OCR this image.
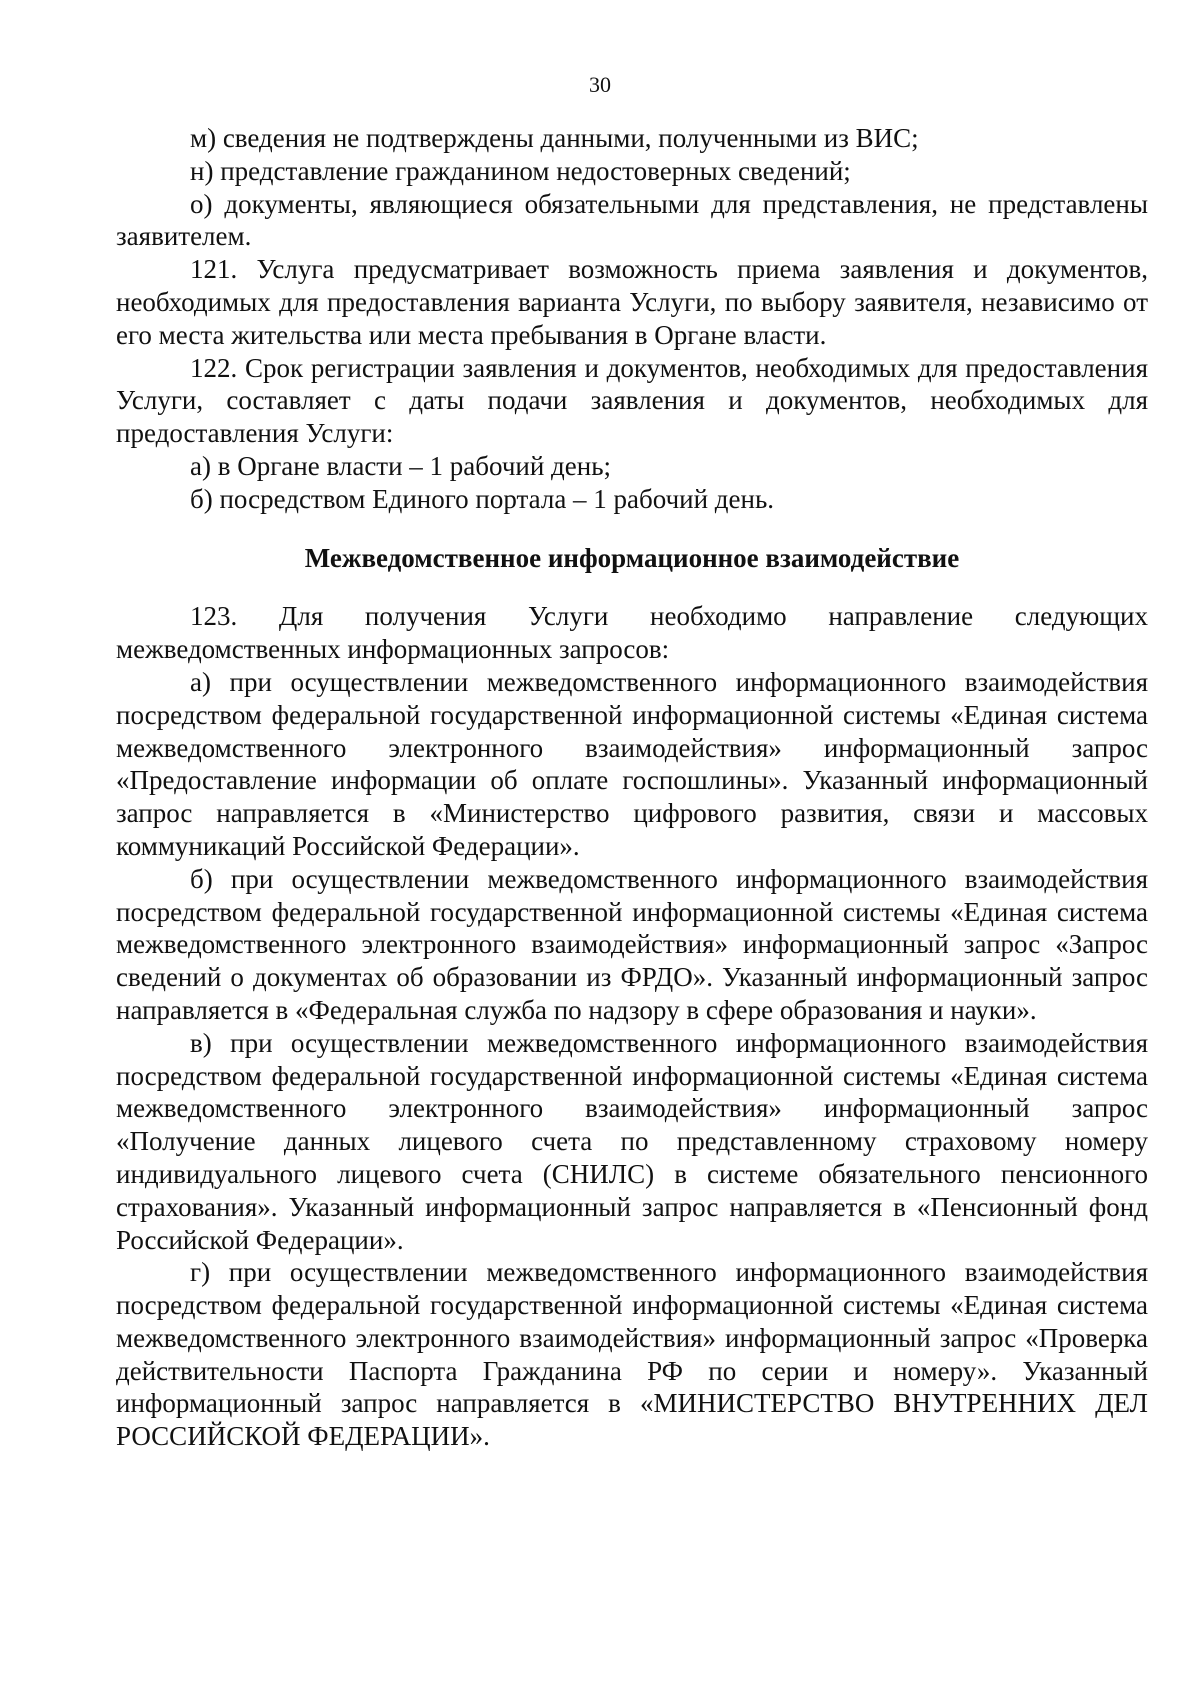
30

м) сведения не подтверждены данными, полученными из ВИС;

н) представление гражданином недостоверных сведений;

о) документы, являющиеся обязательными для представления, не представлены заявителем.

121. Услуга предусматривает возможность приема заявления и документов, необходимых для предоставления варианта Услуги, по выбору заявителя, независимо от его места жительства или места пребывания в Органе власти.

122. Срок регистрации заявления и документов, необходимых для предоставления Услуги, составляет с даты подачи заявления и документов, необходимых для предоставления Услуги:

а) в Органе власти – 1 рабочий день;

б) посредством Единого портала – 1 рабочий день.

Межведомственное информационное взаимодействие

123. Для получения Услуги необходимо направление следующих межведомственных информационных запросов:

а) при осуществлении межведомственного информационного взаимодействия посредством федеральной государственной информационной системы «Единая система межведомственного электронного взаимодействия» информационный запрос «Предоставление информации об оплате госпошлины». Указанный информационный запрос направляется в «Министерство цифрового развития, связи и массовых коммуникаций Российской Федерации».

б) при осуществлении межведомственного информационного взаимодействия посредством федеральной государственной информационной системы «Единая система межведомственного электронного взаимодействия» информационный запрос «Запрос сведений о документах об образовании из ФРДО». Указанный информационный запрос направляется в «Федеральная служба по надзору в сфере образования и науки».

в) при осуществлении межведомственного информационного взаимодействия посредством федеральной государственной информационной системы «Единая система межведомственного электронного взаимодействия» информационный запрос «Получение данных лицевого счета по представленному страховому номеру индивидуального лицевого счета (СНИЛС) в системе обязательного пенсионного страхования». Указанный информационный запрос направляется в «Пенсионный фонд Российской Федерации».

г) при осуществлении межведомственного информационного взаимодействия посредством федеральной государственной информационной системы «Единая система межведомственного электронного взаимодействия» информационный запрос «Проверка действительности Паспорта Гражданина РФ по серии и номеру». Указанный информационный запрос направляется в «МИНИСТЕРСТВО ВНУТРЕННИХ ДЕЛ РОССИЙСКОЙ ФЕДЕРАЦИИ».
